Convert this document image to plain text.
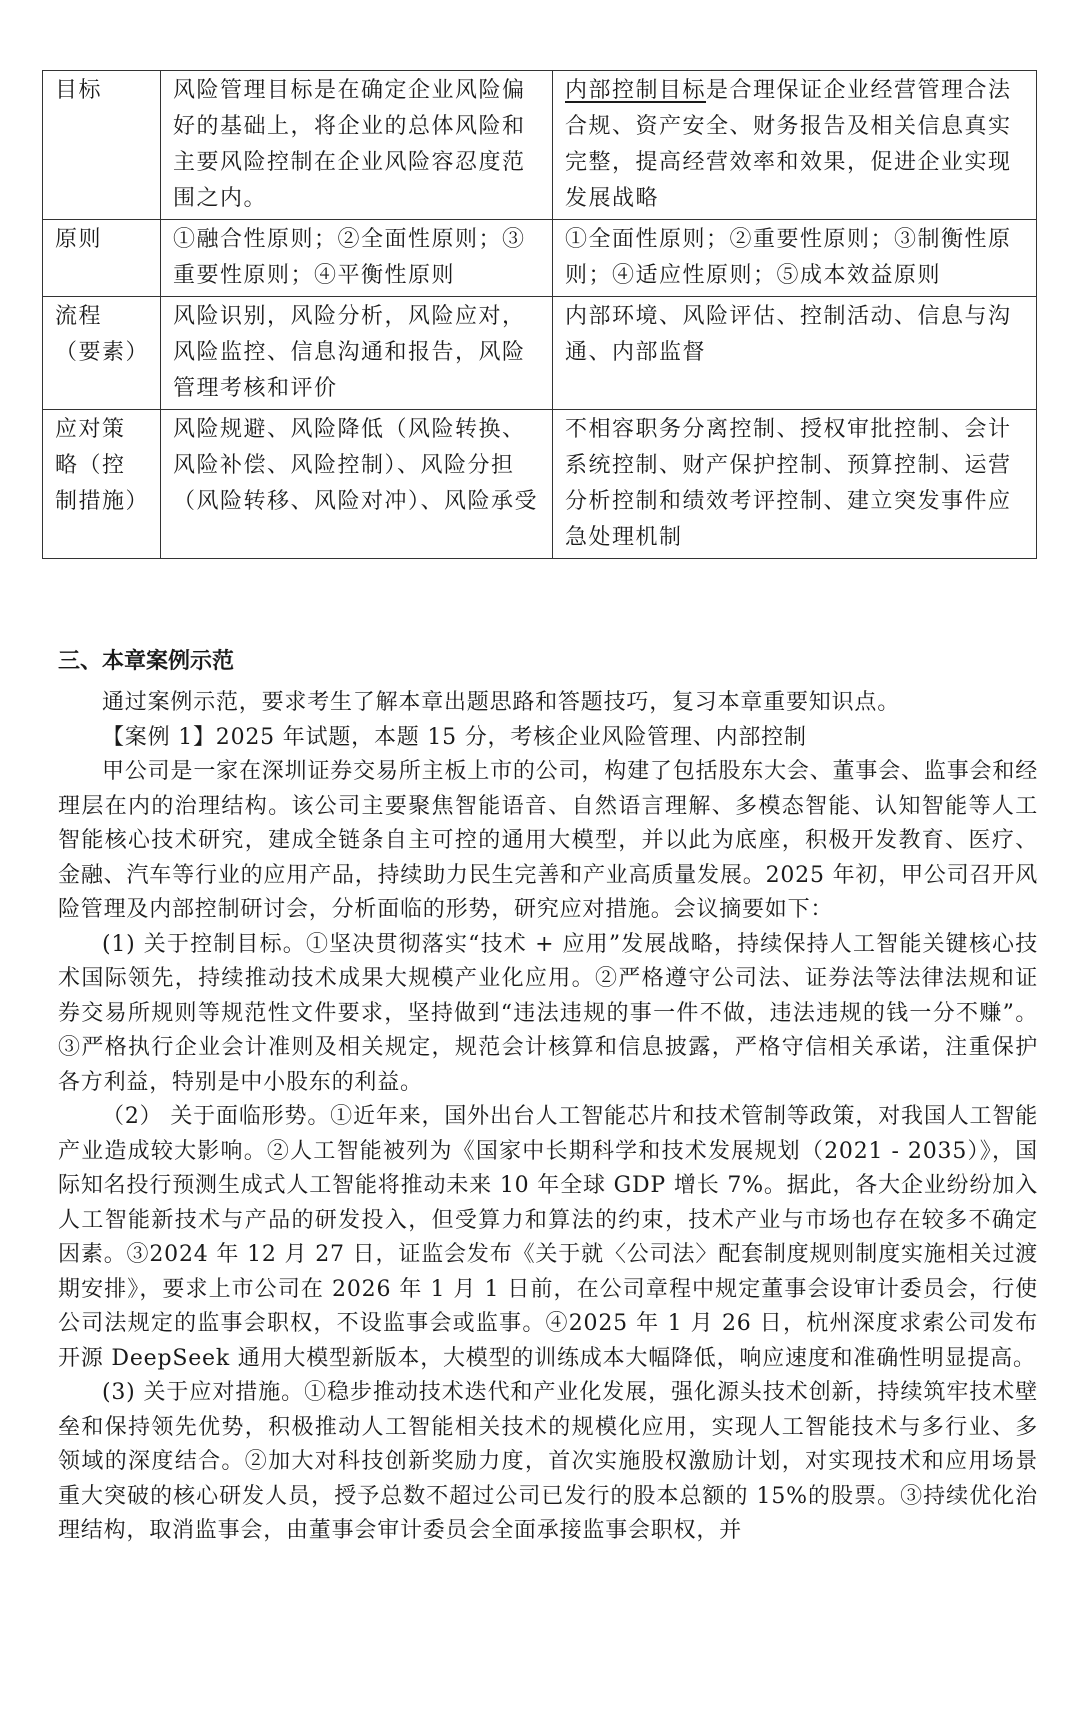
目标	风险管理目标是在确定企业风险偏好的基础上，将企业的总体风险和主要风险控制在企业风险容忍度范围之内。	内部控制目标是合理保证企业经营管理合法合规、资产安全、财务报告及相关信息真实完整，提高经营效率和效果，促进企业实现发展战略
原则	①融合性原则；②全面性原则；③重要性原则；④平衡性原则	①全面性原则；②重要性原则；③制衡性原则；④适应性原则；⑤成本效益原则
流程（要素）	风险识别，风险分析，风险应对，风险监控、信息沟通和报告，风险管理考核和评价	内部环境、风险评估、控制活动、信息与沟通、内部监督
应对策略（控制措施）	风险规避、风险降低（风险转换、风险补偿、风险控制）、风险分担（风险转移、风险对冲）、风险承受	不相容职务分离控制、授权审批控制、会计系统控制、财产保护控制、预算控制、运营分析控制和绩效考评控制、建立突发事件应急处理机制
三、本章案例示范

通过案例示范，要求考生了解本章出题思路和答题技巧，复习本章重要知识点。

【案例 1】2025 年试题，本题 15 分，考核企业风险管理、内部控制

甲公司是一家在深圳证券交易所主板上市的公司，构建了包括股东大会、董事会、监事会和经理层在内的治理结构。该公司主要聚焦智能语音、自然语言理解、多模态智能、认知智能等人工智能核心技术研究，建成全链条自主可控的通用大模型，并以此为底座，积极开发教育、医疗、金融、汽车等行业的应用产品，持续助力民生完善和产业高质量发展。2025 年初，甲公司召开风险管理及内部控制研讨会，分析面临的形势，研究应对措施。会议摘要如下：

(1) 关于控制目标。①坚决贯彻落实“技术 + 应用”发展战略，持续保持人工智能关键核心技术国际领先，持续推动技术成果大规模产业化应用。②严格遵守公司法、证券法等法律法规和证券交易所规则等规范性文件要求，坚持做到“违法违规的事一件不做，违法违规的钱一分不赚”。③严格执行企业会计准则及相关规定，规范会计核算和信息披露，严格守信相关承诺，注重保护各方利益，特别是中小股东的利益。

（2） 关于面临形势。①近年来，国外出台人工智能芯片和技术管制等政策，对我国人工智能产业造成较大影响。②人工智能被列为《国家中长期科学和技术发展规划（2021 - 2035）》，国际知名投行预测生成式人工智能将推动未来 10 年全球 GDP 增长 7%。据此，各大企业纷纷加入人工智能新技术与产品的研发投入，但受算力和算法的约束，技术产业与市场也存在较多不确定因素。③2024 年 12 月 27 日，证监会发布《关于就〈公司法〉配套制度规则制度实施相关过渡期安排》，要求上市公司在 2026 年 1 月 1 日前，在公司章程中规定董事会设审计委员会，行使公司法规定的监事会职权，不设监事会或监事。④2025 年 1 月 26 日，杭州深度求索公司发布开源 DeepSeek 通用大模型新版本，大模型的训练成本大幅降低，响应速度和准确性明显提高。

(3) 关于应对措施。①稳步推动技术迭代和产业化发展，强化源头技术创新，持续筑牢技术壁垒和保持领先优势，积极推动人工智能相关技术的规模化应用，实现人工智能技术与多行业、多领域的深度结合。②加大对科技创新奖励力度，首次实施股权激励计划，对实现技术和应用场景重大突破的核心研发人员，授予总数不超过公司已发行的股本总额的 15%的股票。③持续优化治理结构，取消监事会，由董事会审计委员会全面承接监事会职权，并
